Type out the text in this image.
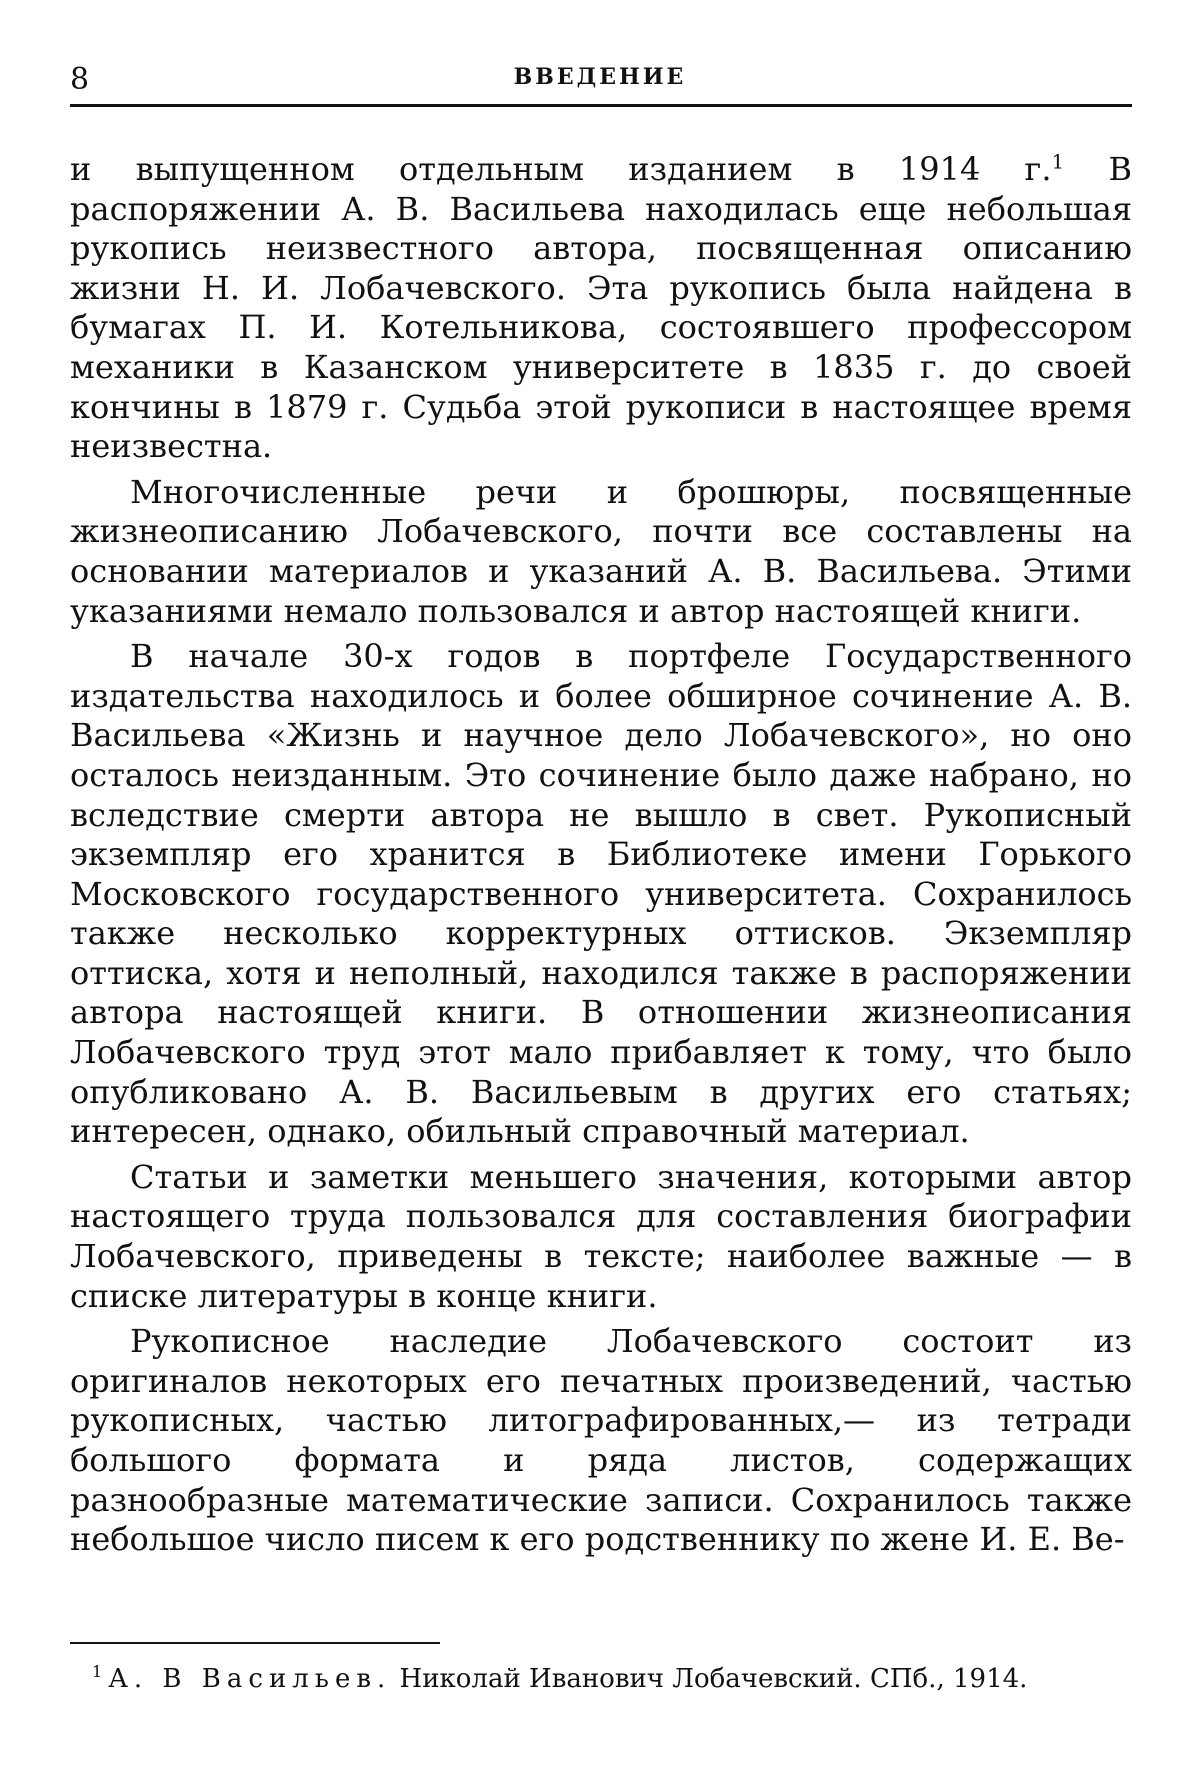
8	ВВЕДЕНИЕ

и выпущенном отдельным изданием в 1914 г.$^1$ В распоряжении А. В. Васильева находилась еще небольшая рукопись неизвестного автора, посвященная описанию жизни Н. И. Лобачевского. Эта рукопись была найдена в бумагах П. И. Котельникова, состоявшего профессором механики в Казанском университете в 1835 г. до своей кончины в 1879 г. Судьба этой рукописи в настоящее время неизвестна.

Многочисленные речи и брошюры, посвященные жизнеописанию Лобачевского, почти все составлены на основании материалов и указаний А. В. Васильева. Этими указаниями немало пользовался и автор настоящей книги.

В начале 30-х годов в портфеле Государственного издательства находилось и более обширное сочинение А. В. Васильева «Жизнь и научное дело Лобачевского», но оно осталось неизданным. Это сочинение было даже набрано, но вследствие смерти автора не вышло в свет. Рукописный экземпляр его хранится в Библиотеке имени Горького Московского государственного университета. Сохранилось также несколько корректурных оттисков. Экземпляр оттиска, хотя и неполный, находился также в распоряжении автора настоящей книги. В отношении жизнеописания Лобачевского труд этот мало прибавляет к тому, что было опубликовано А. В. Васильевым в других его статьях; интересен, однако, обильный справочный материал.

Статьи и заметки меньшего значения, которыми автор настоящего труда пользовался для составления биографии Лобачевского, приведены в тексте; наиболее важные — в списке литературы в конце книги.

Рукописное наследие Лобачевского состоит из оригиналов некоторых его печатных произведений, частью рукописных, частью литографированных,— из тетради большого формата и ряда листов, содержащих разнообразные математические записи. Сохранилось также небольшое число писем к его родственнику по жене И. Е. Ве-

$^1$ А. В Васильев. Николай Иванович Лобачевский. СПб., 1914.
